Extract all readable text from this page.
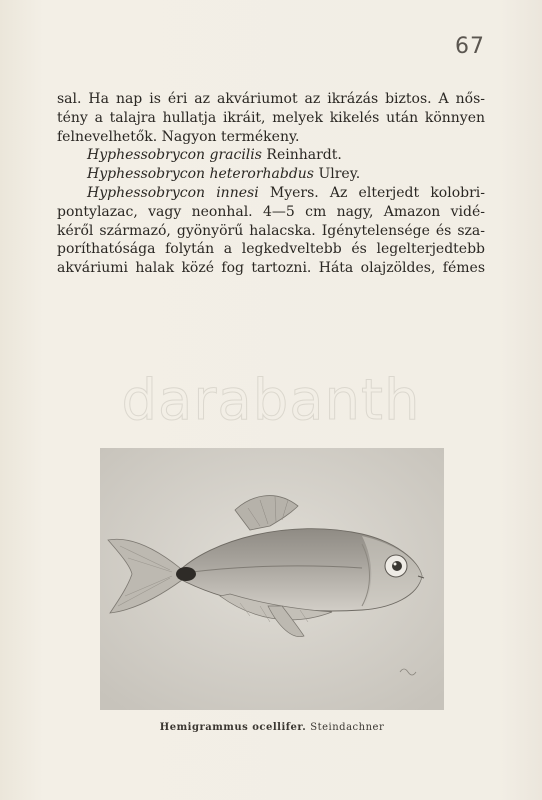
67
sal. Ha nap is éri az akváriumot az ikrázás biztos. A nős-
tény a talajra hullatja ikráit, melyek kikelés után könnyen
felnevelhetők. Nagyon termékeny.
Hyphessobrycon gracilis Reinhardt.
Hyphessobrycon heterorhabdus Ulrey.
Hyphessobrycon innesi Myers. Az elterjedt kolobri-
pontylazac, vagy neonhal. 4—5 cm nagy, Amazon vidé-
kéről származó, gyönyörű halacska. Igénytelensége és sza-
poríthatósága folytán a legkedveltebb és legelterjedtebb
akváriumi halak közé fog tartozni. Háta olajzöldes, fémes
darabanth
Hemigrammus ocellifer. Steindachner
